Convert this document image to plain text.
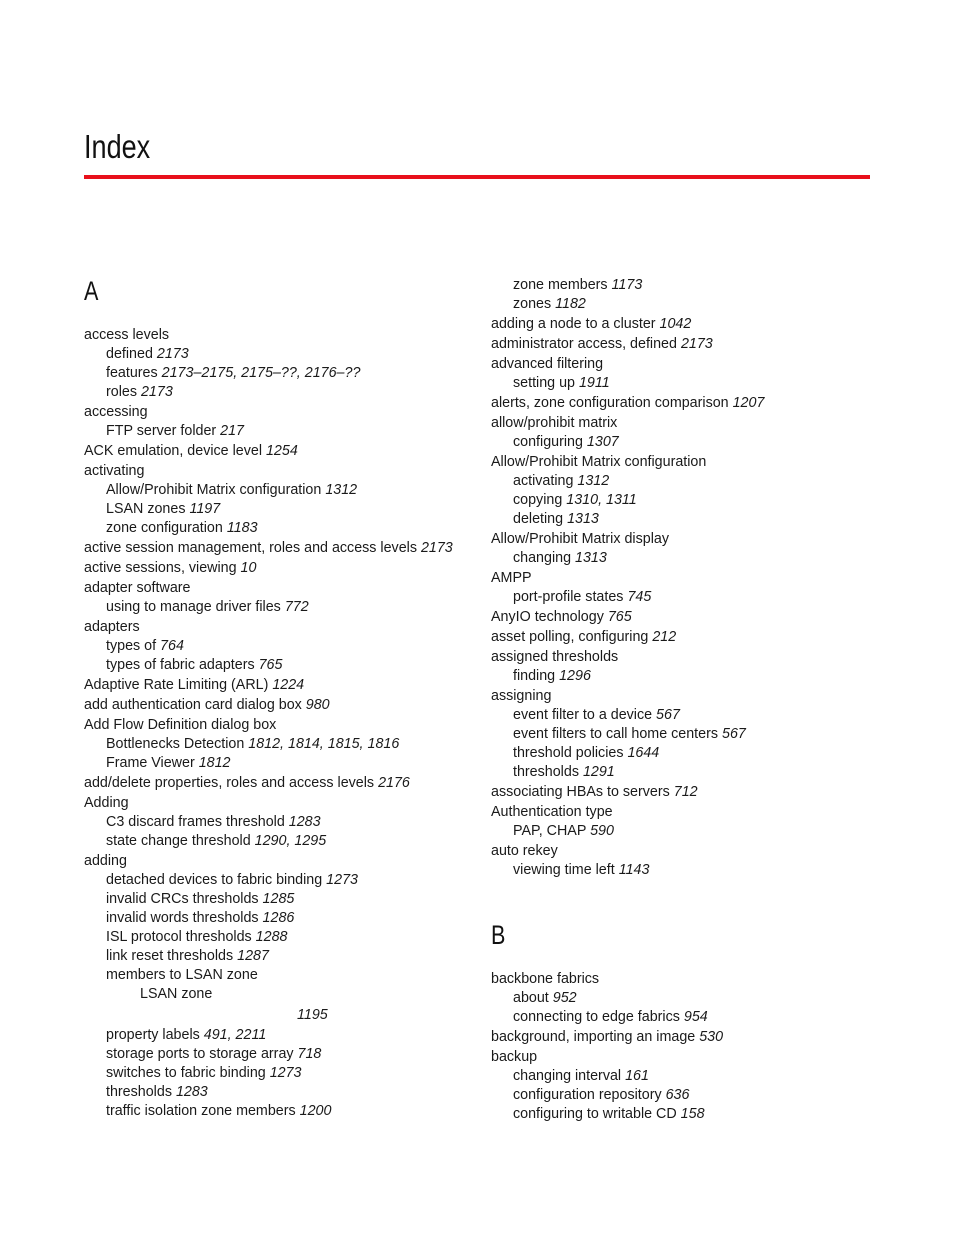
Index
A
access levels
defined 2173
features 2173–2175, 2175–??, 2176–??
roles 2173
accessing
FTP server folder 217
ACK emulation, device level 1254
activating
Allow/Prohibit Matrix configuration 1312
LSAN zones 1197
zone configuration 1183
active session management, roles and access levels 2173
active sessions, viewing 10
adapter software
using to manage driver files 772
adapters
types of 764
types of fabric adapters 765
Adaptive Rate Limiting (ARL) 1224
add authentication card dialog box 980
Add Flow Definition dialog box
Bottlenecks Detection 1812, 1814, 1815, 1816
Frame Viewer 1812
add/delete properties, roles and access levels 2176
Adding
C3 discard frames threshold 1283
state change threshold 1290, 1295
adding
detached devices to fabric binding 1273
invalid CRCs thresholds 1285
invalid words thresholds 1286
ISL protocol thresholds 1288
link reset thresholds 1287
members to LSAN zone
LSAN zone
1195
property labels 491, 2211
storage ports to storage array 718
switches to fabric binding 1273
thresholds 1283
traffic isolation zone members 1200
zone members 1173
zones 1182
adding a node to a cluster 1042
administrator access, defined 2173
advanced filtering
setting up 1911
alerts, zone configuration comparison 1207
allow/prohibit matrix
configuring 1307
Allow/Prohibit Matrix configuration
activating 1312
copying 1310, 1311
deleting 1313
Allow/Prohibit Matrix display
changing 1313
AMPP
port-profile states 745
AnyIO technology 765
asset polling, configuring 212
assigned thresholds
finding 1296
assigning
event filter to a device 567
event filters to call home centers 567
threshold policies 1644
thresholds 1291
associating HBAs to servers 712
Authentication type
PAP, CHAP 590
auto rekey
viewing time left 1143
B
backbone fabrics
about 952
connecting to edge fabrics 954
background, importing an image 530
backup
changing interval 161
configuration repository 636
configuring to writable CD 158
